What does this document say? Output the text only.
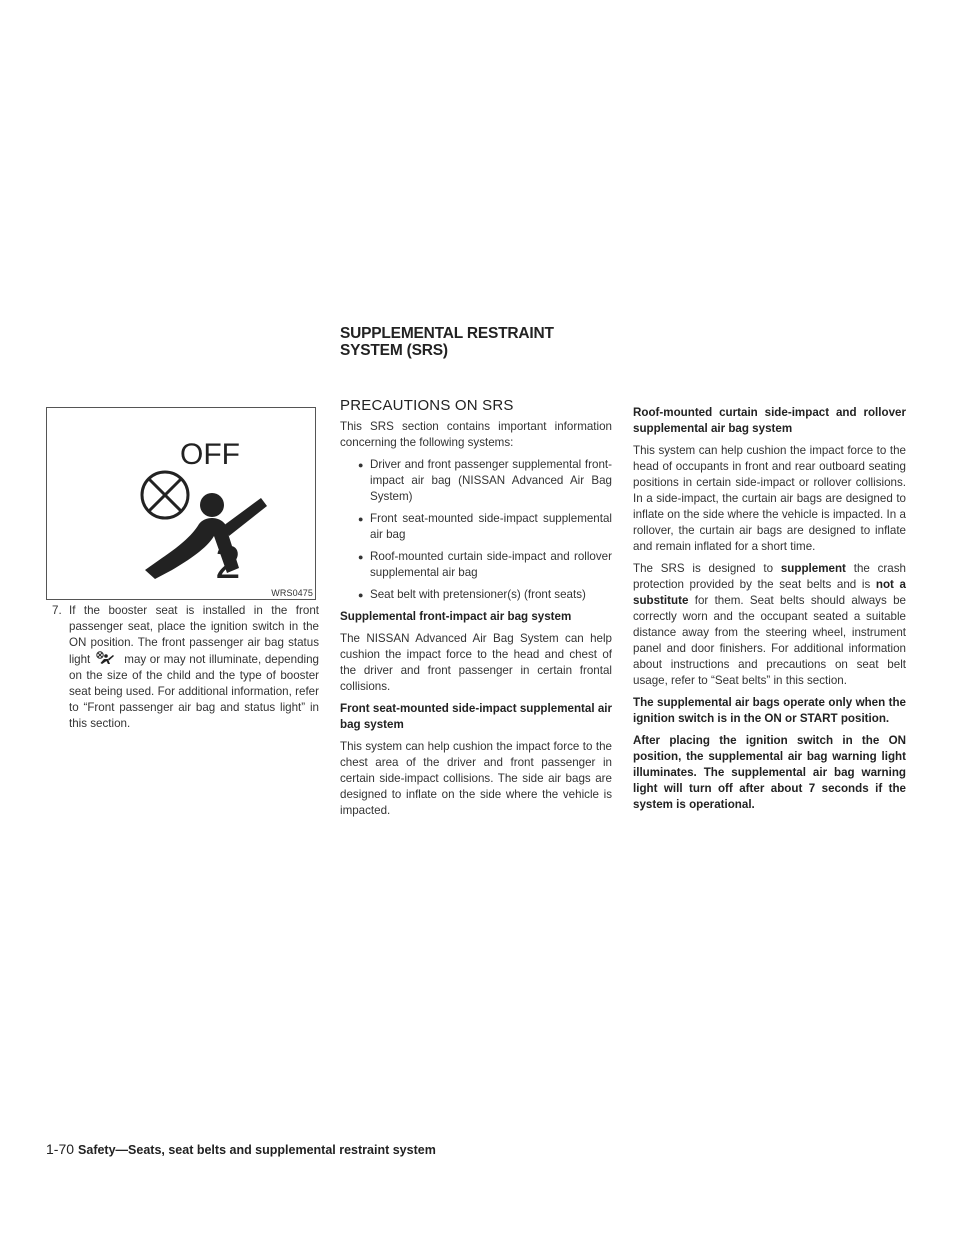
SUPPLEMENTAL RESTRAINT
SYSTEM (SRS)
OFF
2
WRS0475
7. If the booster seat is installed in the front passenger seat, place the ignition switch in the ON position. The front passenger air bag status light	may or may not illuminate, depending on the size of the child and the type of booster seat being used. For additional information, refer to “Front passenger air bag and status light” in this section.
PRECAUTIONS ON SRS

This SRS section contains important information concerning the following systems:

● Driver and front passenger supplemental front-impact air bag (NISSAN Advanced Air Bag System)
● Front seat-mounted side-impact supplemental air bag
● Roof-mounted curtain side-impact and rollover supplemental air bag
● Seat belt with pretensioner(s) (front seats)

Supplemental front-impact air bag system

The NISSAN Advanced Air Bag System can help cushion the impact force to the head and chest of the driver and front passenger in certain frontal collisions.

Front seat-mounted side-impact supplemental air bag system

This system can help cushion the impact force to the chest area of the driver and front passenger in certain side-impact collisions. The side air bags are designed to inflate on the side where the vehicle is impacted.

Roof-mounted curtain side-impact and rollover supplemental air bag system

This system can help cushion the impact force to the head of occupants in front and rear outboard seating positions in certain side-impact or rollover collisions. In a side-impact, the curtain air bags are designed to inflate on the side where the vehicle is impacted. In a rollover, the curtain air bags are designed to inflate and remain inflated for a short time.

The SRS is designed to supplement the crash protection provided by the seat belts and is not a substitute for them. Seat belts should always be correctly worn and the occupant seated a suitable distance away from the steering wheel, instrument panel and door finishers. For additional information about instructions and precautions on seat belt usage, refer to “Seat belts” in this section.

The supplemental air bags operate only when the ignition switch is in the ON or START position.

After placing the ignition switch in the ON position, the supplemental air bag warning light illuminates. The supplemental air bag warning light will turn off after about 7 seconds if the system is operational.

1-70 Safety—Seats, seat belts and supplemental restraint system
